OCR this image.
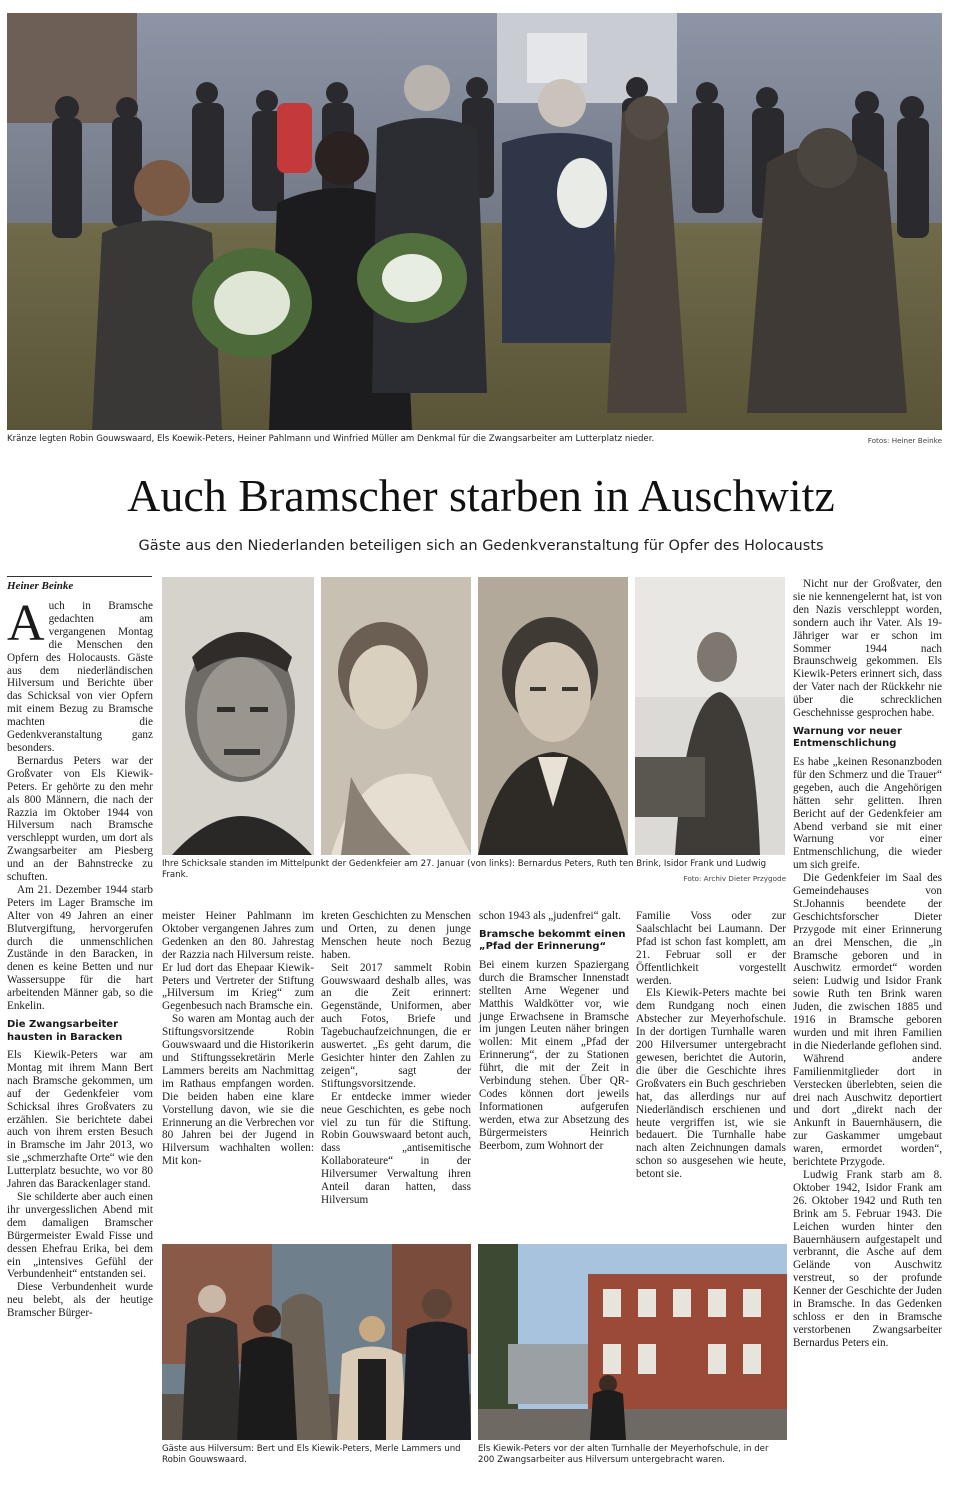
Kränze legten Robin Gouwswaard, Els Koewik-Peters, Heiner Pahlmann und Winfried Müller am Denkmal für die Zwangsarbeiter am Lutterplatz nieder.	Fotos: Heiner Beinke
Auch Bramscher starben in Auschwitz
Gäste aus den Niederlanden beteiligen sich an Gedenkveranstaltung für Opfer des Holocausts
Heiner Beinke

Auch in Bramsche gedachten am vergangenen Montag die Menschen den Opfern des Holocausts. Gäste aus dem niederländischen Hilversum und Berichte über das Schicksal von vier Opfern mit einem Bezug zu Bramsche machten die Gedenkveranstaltung ganz besonders.

Bernardus Peters war der Großvater von Els Kiewik-Peters. Er gehörte zu den mehr als 800 Männern, die nach der Razzia im Oktober 1944 von Hilversum nach Bramsche verschleppt wurden, um dort als Zwangsarbeiter am Piesberg und an der Bahnstrecke zu schuften.

Am 21. Dezember 1944 starb Peters im Lager Bramsche im Alter von 49 Jahren an einer Blutvergiftung, hervorgerufen durch die unmenschlichen Zustände in den Baracken, in denen es keine Betten und nur Wassersuppe für die hart arbeitenden Männer gab, so die Enkelin.

Die Zwangsarbeiter hausten in Baracken

Els Kiewik-Peters war am Montag mit ihrem Mann Bert nach Bramsche gekommen, um auf der Gedenkfeier vom Schicksal ihres Großvaters zu erzählen. Sie berichtete dabei auch von ihrem ersten Besuch in Bramsche im Jahr 2013, wo sie „schmerzhafte Orte“ wie den Lutterplatz besuchte, wo vor 80 Jahren das Barackenlager stand.

Sie schilderte aber auch einen ihr unvergesslichen Abend mit dem damaligen Bramscher Bürgermeister Ewald Fisse und dessen Ehefrau Erika, bei dem ein „intensives Gefühl der Verbundenheit“ entstanden sei.

Diese Verbundenheit wurde neu belebt, als der heutige Bramscher Bürger-

Ihre Schicksale standen im Mittelpunkt der Gedenkfeier am 27. Januar (von links): Bernardus Peters, Ruth ten Brink, Isidor Frank und Ludwig Frank.	Foto: Archiv Dieter Przygode

meister Heiner Pahlmann im Oktober vergangenen Jahres zum Gedenken an den 80. Jahrestag der Razzia nach Hilversum reiste. Er lud dort das Ehepaar Kiewik-Peters und Vertreter der Stiftung „Hilversum im Krieg“ zum Gegenbesuch nach Bramsche ein.

So waren am Montag auch der Stiftungsvorsitzende Robin Gouwswaard und die Historikerin und Stiftungssekretärin Merle Lammers bereits am Nachmittag im Rathaus empfangen worden. Die beiden haben eine klare Vorstellung davon, wie sie die Erinnerung an die Verbrechen vor 80 Jahren bei der Jugend in Hilversum wachhalten wollen: Mit kon-

kreten Geschichten zu Menschen und Orten, zu denen junge Menschen heute noch Bezug haben.

Seit 2017 sammelt Robin Gouwswaard deshalb alles, was an die Zeit erinnert: Gegenstände, Uniformen, aber auch Fotos, Briefe und Tagebuchaufzeichnungen, die er auswertet. „Es geht darum, die Gesichter hinter den Zahlen zu zeigen“, sagt der Stiftungsvorsitzende.

Er entdecke immer wieder neue Geschichten, es gebe noch viel zu tun für die Stiftung. Robin Gouwswaard betont auch, dass „antisemitische Kollaborateure“ in der Hilversumer Verwaltung ihren Anteil daran hatten, dass Hilversum

schon 1943 als „judenfrei“ galt.

Bramsche bekommt einen „Pfad der Erinnerung“

Bei einem kurzen Spaziergang durch die Bramscher Innenstadt stellten Arne Wegener und Matthis Waldkötter vor, wie junge Erwachsene in Bramsche im jungen Leuten näher bringen wollen: Mit einem „Pfad der Erinnerung“, der zu Stationen führt, die mit der Zeit in Verbindung stehen. Über QR-Codes können dort jeweils Informationen aufgerufen werden, etwa zur Absetzung des Bürgermeisters Heinrich Beerbom, zum Wohnort der

Familie Voss oder zur Saalschlacht bei Laumann. Der Pfad ist schon fast komplett, am 21. Februar soll er der Öffentlichkeit vorgestellt werden.

Els Kiewik-Peters machte bei dem Rundgang noch einen Abstecher zur Meyerhofschule. In der dortigen Turnhalle waren 200 Hilversumer untergebracht gewesen, berichtet die Autorin, die über die Geschichte ihres Großvaters ein Buch geschrieben hat, das allerdings nur auf Niederländisch erschienen und heute vergriffen ist, wie sie bedauert. Die Turnhalle habe nach alten Zeichnungen damals schon so ausgesehen wie heute, betont sie.

Gäste aus Hilversum: Bert und Els Kiewik-Peters, Merle Lammers und Robin Gouwswaard.
Els Kiewik-Peters vor der alten Turnhalle der Meyerhofschule, in der 200 Zwangsarbeiter aus Hilversum untergebracht waren.

Nicht nur der Großvater, den sie nie kennengelernt hat, ist von den Nazis verschleppt worden, sondern auch ihr Vater. Als 19-Jähriger war er schon im Sommer 1944 nach Braunschweig gekommen. Els Kiewik-Peters erinnert sich, dass der Vater nach der Rückkehr nie über die schrecklichen Geschehnisse gesprochen habe.

Warnung vor neuer Entmenschlichung

Es habe „keinen Resonanzboden für den Schmerz und die Trauer“ gegeben, auch die Angehörigen hätten sehr gelitten. Ihren Bericht auf der Gedenkfeier am Abend verband sie mit einer Warnung vor einer Entmenschlichung, die wieder um sich greife.

Die Gedenkfeier im Saal des Gemeindehauses von St.Johannis beendete der Geschichtsforscher Dieter Przygode mit einer Erinnerung an drei Menschen, die „in Bramsche geboren und in Auschwitz ermordet“ worden seien: Ludwig und Isidor Frank sowie Ruth ten Brink waren Juden, die zwischen 1885 und 1916 in Bramsche geboren wurden und mit ihren Familien in die Niederlande geflohen sind.

Während andere Familienmitglieder dort in Verstecken überlebten, seien die drei nach Auschwitz deportiert und dort „direkt nach der Ankunft in Bauernhäusern, die zur Gaskammer umgebaut waren, ermordet worden“, berichtete Przygode.

Ludwig Frank starb am 8. Oktober 1942, Isidor Frank am 26. Oktober 1942 und Ruth ten Brink am 5. Februar 1943. Die Leichen wurden hinter den Bauernhäusern aufgestapelt und verbrannt, die Asche auf dem Gelände von Auschwitz verstreut, so der profunde Kenner der Geschichte der Juden in Bramsche. In das Gedenken schloss er den in Bramsche verstorbenen Zwangsarbeiter Bernardus Peters ein.
